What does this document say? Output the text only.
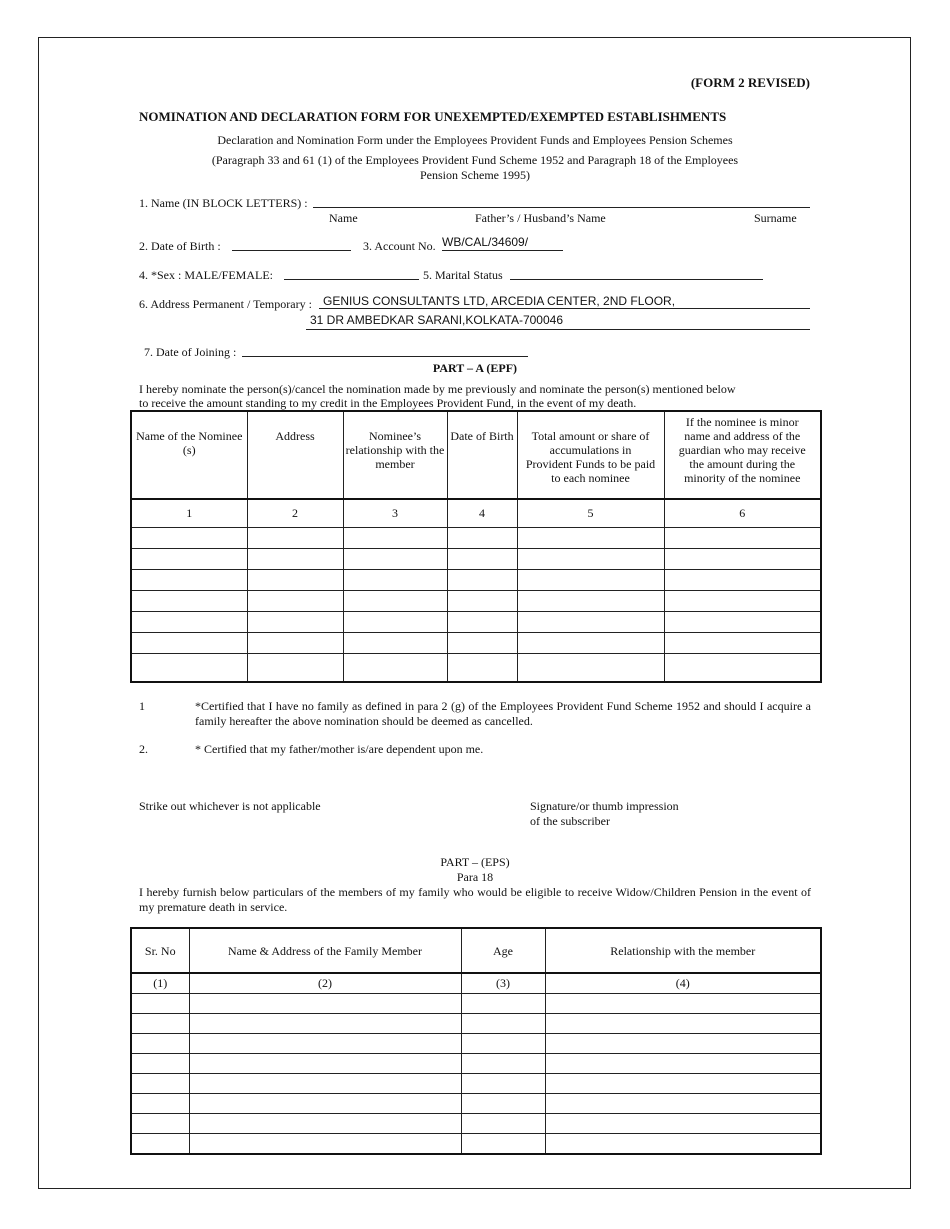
(FORM 2 REVISED)
NOMINATION AND DECLARATION FORM FOR UNEXEMPTED/EXEMPTED ESTABLISHMENTS
Declaration and Nomination Form under the Employees Provident Funds and Employees Pension Schemes
(Paragraph 33 and 61 (1) of the Employees Provident Fund Scheme 1952 and Paragraph 18 of the Employees
Pension Scheme 1995)
1. Name (IN BLOCK LETTERS) :
Name	Father’s / Husband’s Name	Surname
2. Date of Birth :	3. Account No. WB/CAL/34609/
4. *Sex : MALE/FEMALE:	5. Marital Status
6. Address Permanent / Temporary : GENIUS CONSULTANTS LTD, ARCEDIA CENTER, 2ND FLOOR,
31 DR AMBEDKAR SARANI,KOLKATA-700046
7. Date of Joining :
PART – A (EPF)
I hereby nominate the person(s)/cancel the nomination made by me previously and nominate the person(s) mentioned below
to receive the amount standing to my credit in the Employees Provident Fund, in the event of my death.
Name of the Nominee (s)	Address	Nominee’s relationship with the member	Date of Birth	Total amount or share of accumulations in Provident Funds to be paid to each nominee	If the nominee is minor name and address of the guardian who may receive the amount during the minority of the nominee
1	2	3	4	5	6

1	*Certified that I have no family as defined in para 2 (g) of the Employees Provident Fund Scheme 1952 and should I acquire a family hereafter the above nomination should be deemed as cancelled.
2.	* Certified that my father/mother is/are dependent upon me.
Strike out whichever is not applicable	Signature/or thumb impression
of the subscriber
PART – (EPS)
Para 18
I hereby furnish below particulars of the members of my family who would be eligible to receive Widow/Children Pension in the event of my premature death in service.
Sr. No	Name & Address of the Family Member	Age	Relationship with the member
(1)	(2)	(3)	(4)
